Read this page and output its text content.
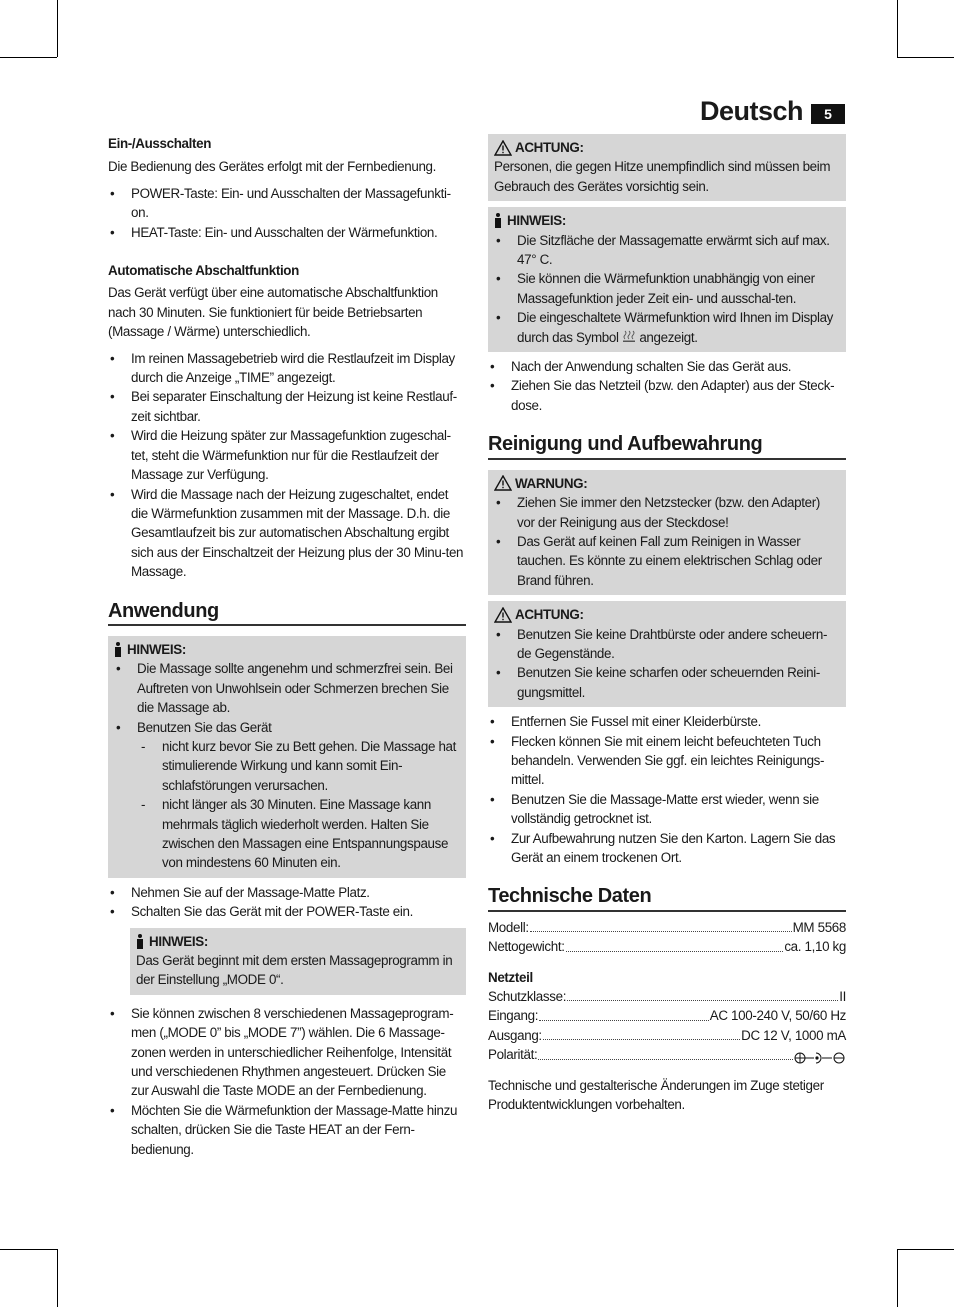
Deutsch	5

Ein-/Ausschalten

Die Bedienung des Gerätes erfolgt mit der Fernbedienung.

• POWER-Taste: Ein- und Ausschalten der Massagefunkti-on.
• HEAT-Taste: Ein- und Ausschalten der Wärmefunktion.

Automatische Abschaltfunktion

Das Gerät verfügt über eine automatische Abschaltfunktion nach 30 Minuten. Sie funktioniert für beide Betriebsarten (Massage / Wärme) unterschiedlich.

• Im reinen Massagebetrieb wird die Restlaufzeit im Display durch die Anzeige „TIME” angezeigt.
• Bei separater Einschaltung der Heizung ist keine Restlauf-zeit sichtbar.
• Wird die Heizung später zur Massagefunktion zugeschal-tet, steht die Wärmefunktion nur für die Restlaufzeit der Massage zur Verfügung.
• Wird die Massage nach der Heizung zugeschaltet, endet die Wärmefunktion zusammen mit der Massage. D.h. die Gesamtlaufzeit bis zur automatischen Abschaltung ergibt sich aus der Einschaltzeit der Heizung plus der 30 Minu-ten Massage.

Anwendung

HINWEIS:
• Die Massage sollte angenehm und schmerzfrei sein. Bei Auftreten von Unwohlsein oder Schmerzen brechen Sie die Massage ab.
• Benutzen Sie das Gerät
- nicht kurz bevor Sie zu Bett gehen. Die Massage hat stimulierende Wirkung und kann somit Ein-schlafstörungen verursachen.
- nicht länger als 30 Minuten. Eine Massage kann mehrmals täglich wiederholt werden. Halten Sie zwischen den Massagen eine Entspannungspause von mindestens 60 Minuten ein.
• Nehmen Sie auf der Massage-Matte Platz.
• Schalten Sie das Gerät mit der POWER-Taste ein.
HINWEIS:

Das Gerät beginnt mit dem ersten Massageprogramm in der Einstellung „MODE 0“.

• Sie können zwischen 8 verschiedenen Massageprogram-men („MODE 0” bis „MODE 7”) wählen. Die 6 Massage-zonen werden in unterschiedlicher Reihenfolge, Intensität und verschiedenen Rhythmen angesteuert. Drücken Sie zur Auswahl die Taste MODE an der Fernbedienung.
• Möchten Sie die Wärmefunktion der Massage-Matte hinzu schalten, drücken Sie die Taste HEAT an der Fern-bedienung.
ACHTUNG:

Personen, die gegen Hitze unempfindlich sind müssen beim Gebrauch des Gerätes vorsichtig sein.

HINWEIS:
• Die Sitzfläche der Massagematte erwärmt sich auf max. 47° C.
• Sie können die Wärmefunktion unabhängig von einer Massagefunktion jeder Zeit ein- und ausschal-ten.
• Die eingeschaltete Wärmefunktion wird Ihnen im Display durch das Symbol angezeigt.
• Nach der Anwendung schalten Sie das Gerät aus.
• Ziehen Sie das Netzteil (bzw. den Adapter) aus der Steck-dose.

Reinigung und Aufbewahrung

WARNUNG:
• Ziehen Sie immer den Netzstecker (bzw. den Adapter) vor der Reinigung aus der Steckdose!
• Das Gerät auf keinen Fall zum Reinigen in Wasser tauchen. Es könnte zu einem elektrischen Schlag oder Brand führen.
ACHTUNG:
• Benutzen Sie keine Drahtbürste oder andere scheuern-de Gegenstände.
• Benutzen Sie keine scharfen oder scheuernden Reini-gungsmittel.
• Entfernen Sie Fussel mit einer Kleiderbürste.
• Flecken können Sie mit einem leicht befeuchteten Tuch behandeln. Verwenden Sie ggf. ein leichtes Reinigungs-mittel.
• Benutzen Sie die Massage-Matte erst wieder, wenn sie vollständig getrocknet ist.
• Zur Aufbewahrung nutzen Sie den Karton. Lagern Sie das Gerät an einem trockenen Ort.

Technische Daten

Modell:	MM 5568
Nettogewicht:	ca. 1,10 kg

Netzteil

Schutzklasse:	II
Eingang:	AC 100-240 V, 50/60 Hz
Ausgang:	DC 12 V, 1000 mA
Polarität:

Technische und gestalterische Änderungen im Zuge stetiger Produktentwicklungen vorbehalten.
